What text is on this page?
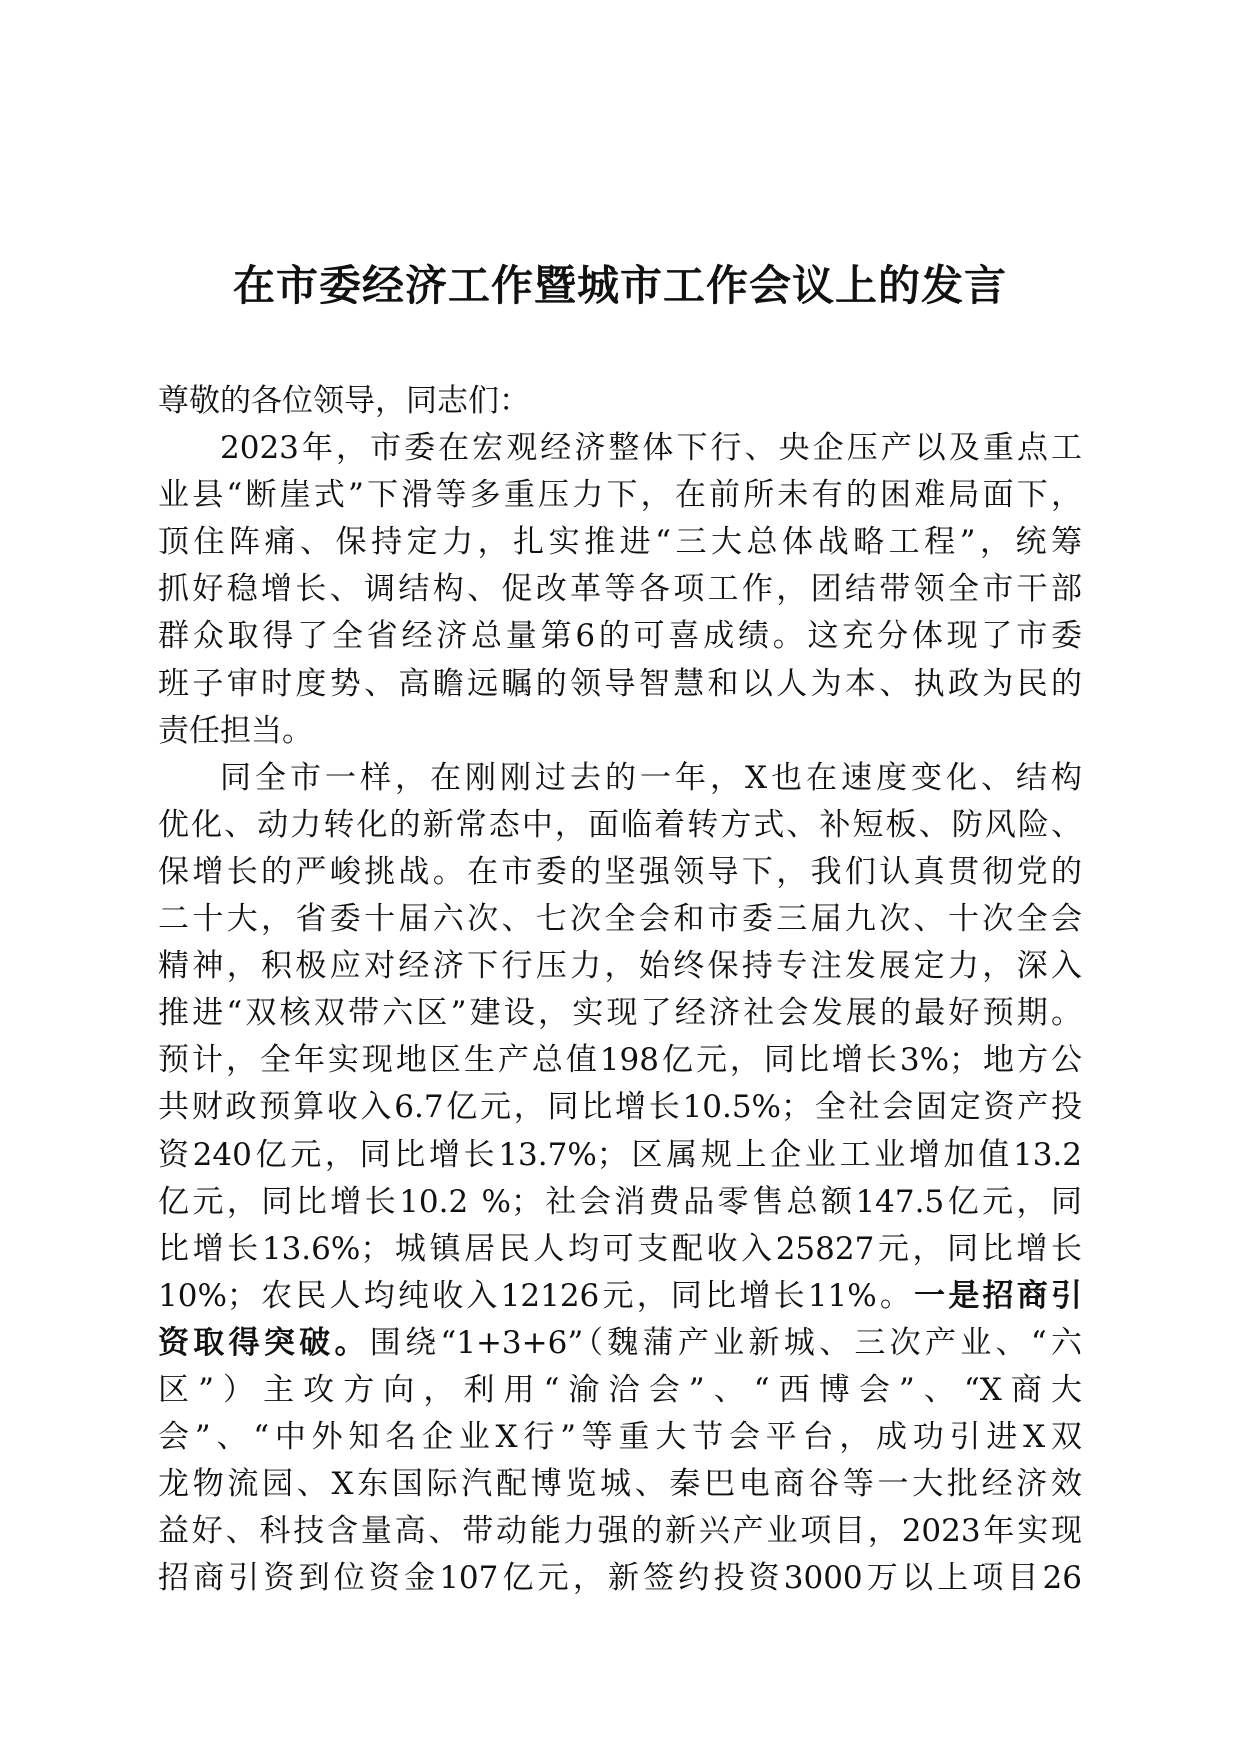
在市委经济工作暨城市工作会议上的发言
尊敬的各位领导，同志们：
2023年，市委在宏观经济整体下行、央企压产以及重点工
业县“断崖式”下滑等多重压力下，在前所未有的困难局面下，
顶住阵痛、保持定力，扎实推进“三大总体战略工程”，统筹
抓好稳增长、调结构、促改革等各项工作，团结带领全市干部
群众取得了全省经济总量第6的可喜成绩。这充分体现了市委
班子审时度势、高瞻远瞩的领导智慧和以人为本、执政为民的
责任担当。
同全市一样，在刚刚过去的一年，X也在速度变化、结构
优化、动力转化的新常态中，面临着转方式、补短板、防风险、
保增长的严峻挑战。在市委的坚强领导下，我们认真贯彻党的
二十大，省委十届六次、七次全会和市委三届九次、十次全会
精神，积极应对经济下行压力，始终保持专注发展定力，深入
推进“双核双带六区”建设，实现了经济社会发展的最好预期。
预计，全年实现地区生产总值198亿元，同比增长3%；地方公
共财政预算收入6.7亿元，同比增长10.5%；全社会固定资产投
资240亿元，同比增长13.7%；区属规上企业工业增加值13.2
亿元，同比增长10.2 %；社会消费品零售总额147.5亿元，同
比增长13.6%；城镇居民人均可支配收入25827元，同比增长
10%；农民人均纯收入12126元，同比增长11%。一是招商引
资取得突破。围绕“1+3+6”（魏蒲产业新城、三次产业、“六
区”）主攻方向，利用“渝洽会”、“西博会”、“X商大
会”、“中外知名企业X行”等重大节会平台，成功引进X双
龙物流园、X东国际汽配博览城、秦巴电商谷等一大批经济效
益好、科技含量高、带动能力强的新兴产业项目，2023年实现
招商引资到位资金107亿元，新签约投资3000万以上项目26
